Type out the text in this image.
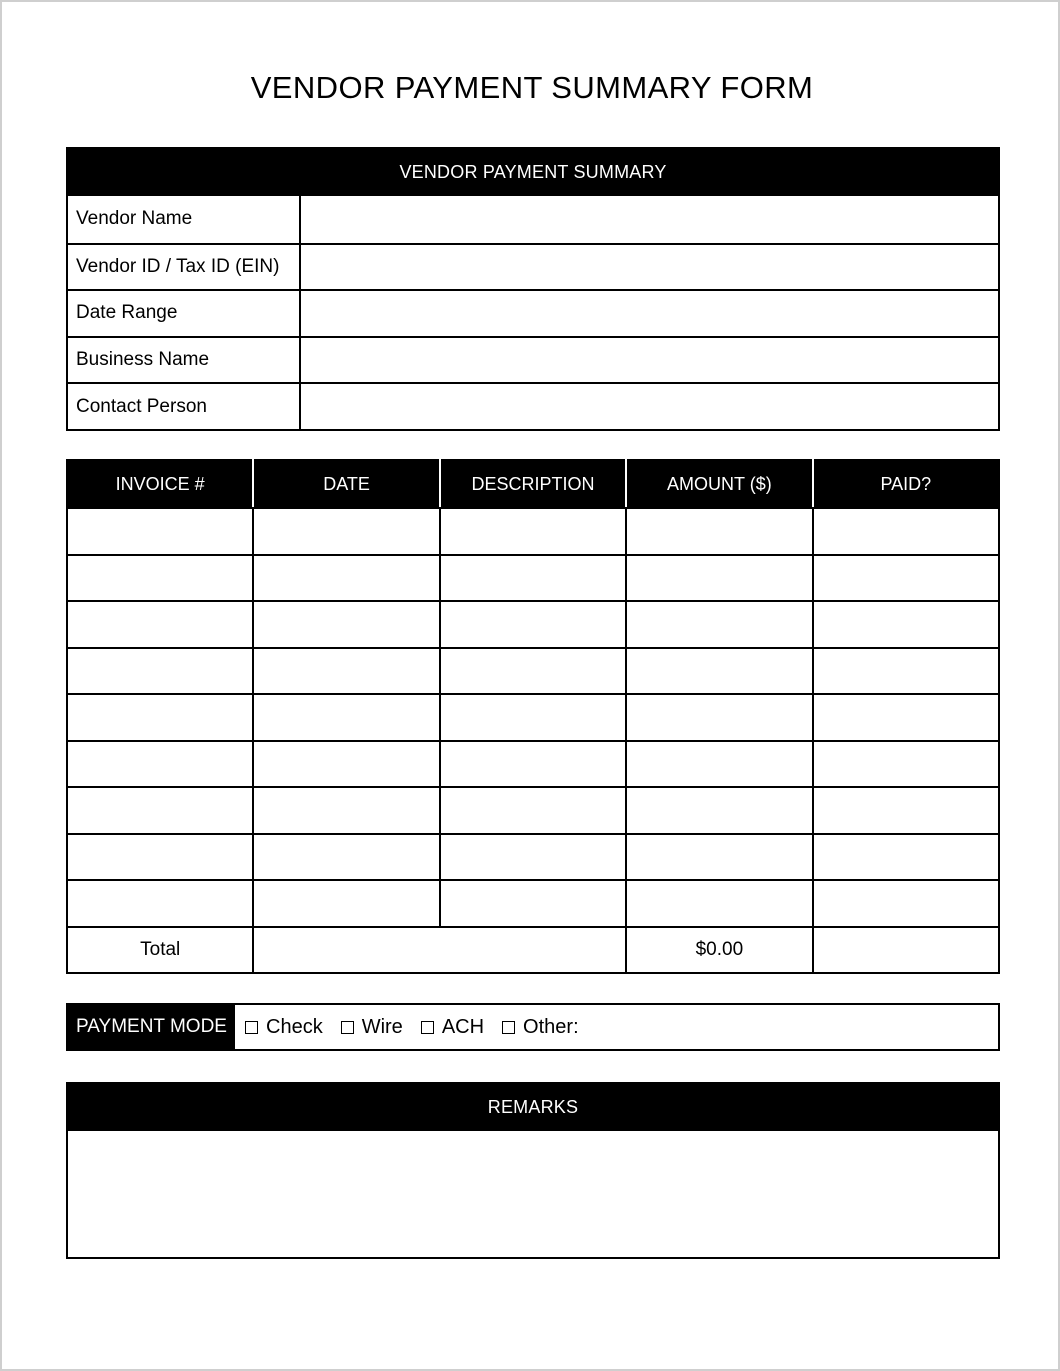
VENDOR PAYMENT SUMMARY FORM
VENDOR PAYMENT SUMMARY
Vendor Name
Vendor ID / Tax ID (EIN)
Date Range
Business Name
Contact Person
INVOICE #	DATE	DESCRIPTION	AMOUNT ($)	PAID?

Total			$0.00	
PAYMENT MODE	Check Wire ACH Other:
REMARKS
